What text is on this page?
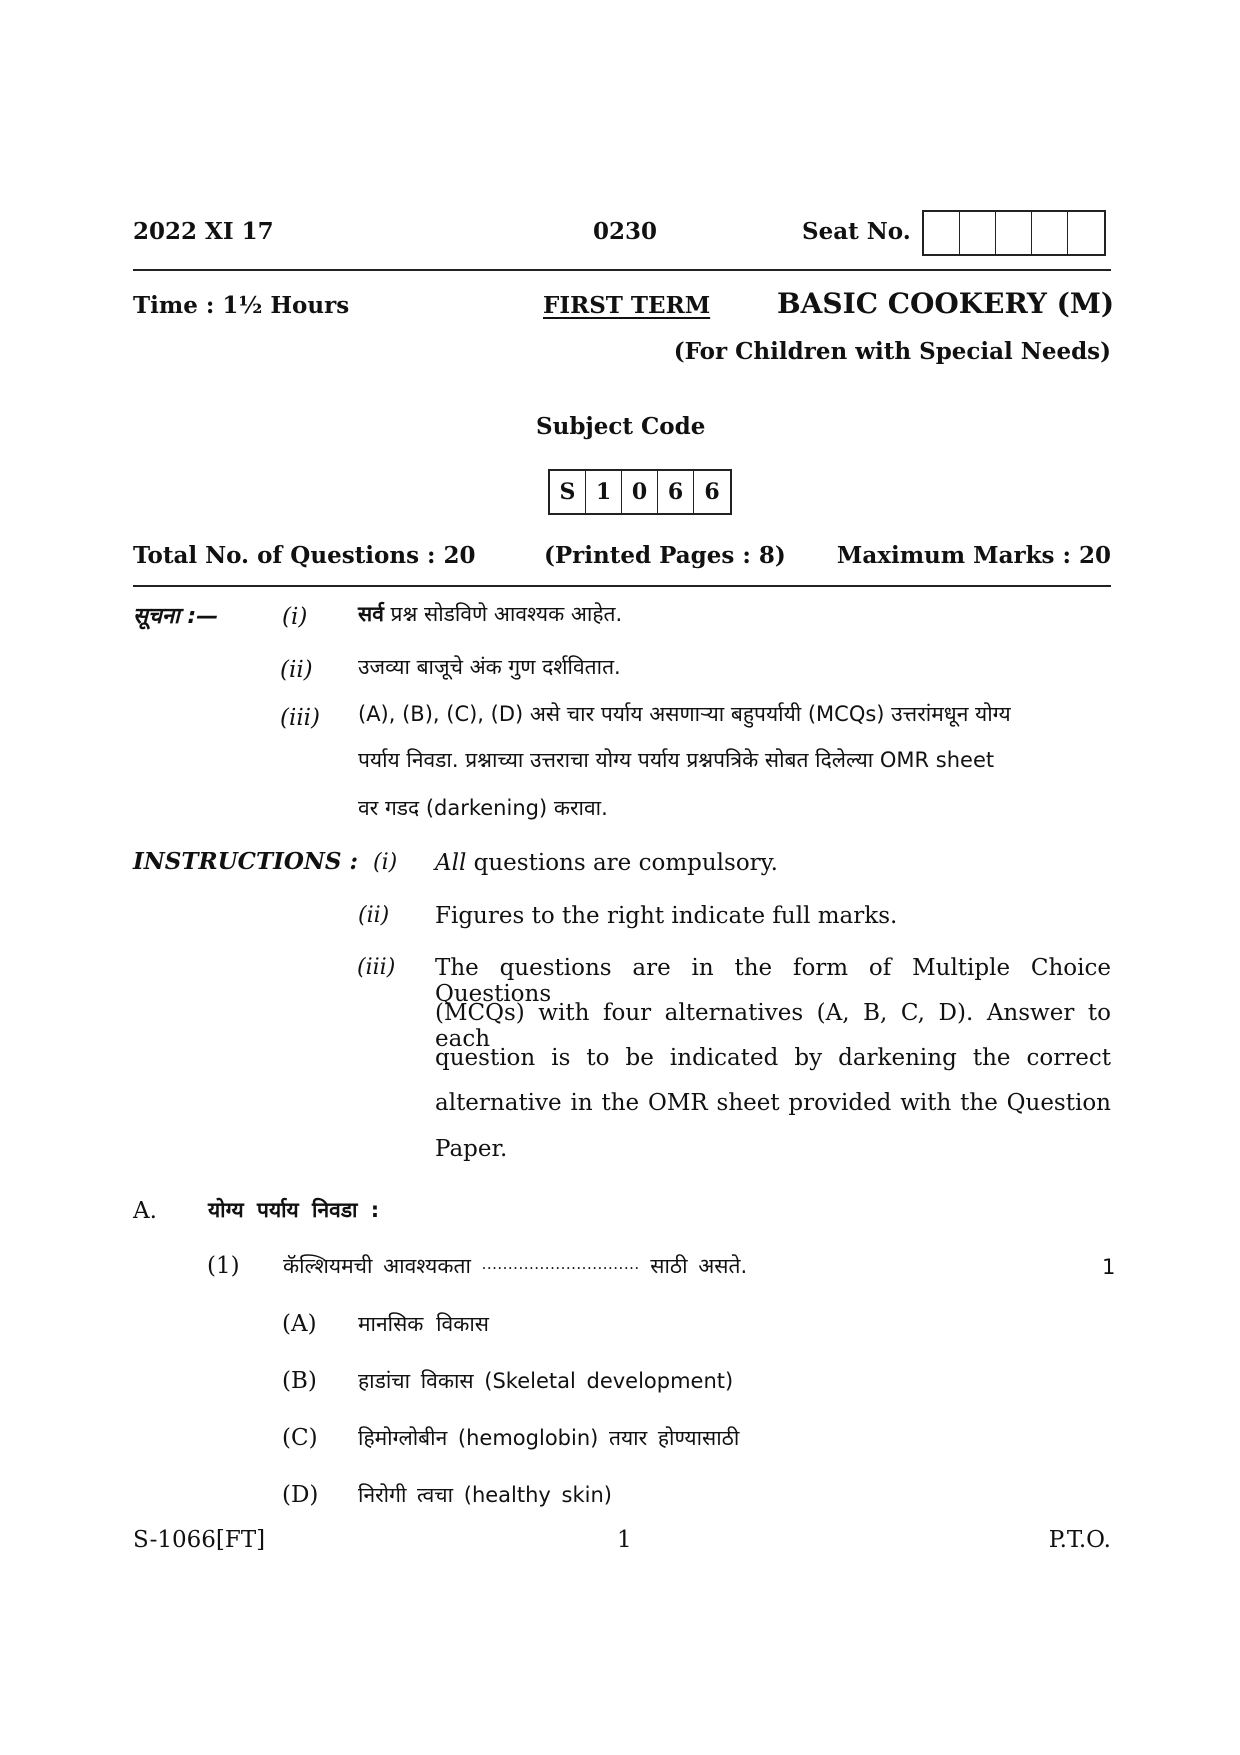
2022 XI 17	0230	Seat No.
Time : 1½ Hours	FIRST TERM BASIC COOKERY (M)
(For Children with Special Needs)
Subject Code
S 1 0 6 6
Total No. of Questions : 20	(Printed Pages : 8) Maximum Marks : 20
सूचना :—	(i) सर्व प्रश्न सोडविणे आवश्यक आहेत.
(ii) उजव्या बाजूचे अंक गुण दर्शवितात.
(iii) (A), (B), (C), (D) असे चार पर्याय असणाऱ्या बहुपर्यायी (MCQs) उत्तरांमधून योग्य
पर्याय निवडा. प्रश्नाच्या उत्तराचा योग्य पर्याय प्रश्नपत्रिके सोबत दिलेल्या OMR sheet
वर गडद (darkening) करावा.
INSTRUCTIONS : (i) All questions are compulsory.
(ii) Figures to the right indicate full marks.
(iii) The questions are in the form of Multiple Choice Questions
(MCQs) with four alternatives (A, B, C, D). Answer to each
question is to be indicated by darkening the correct
alternative in the OMR sheet provided with the Question
Paper.
A. योग्य पर्याय निवडा :
(1) कॅल्शियमची आवश्यकता .............................. साठी असते.	1
(A) मानसिक विकास
(B) हाडांचा विकास (Skeletal development)
(C) हिमोग्लोबीन (hemoglobin) तयार होण्यासाठी
(D) निरोगी त्वचा (healthy skin)
S-1066[FT]	1	P.T.O.
